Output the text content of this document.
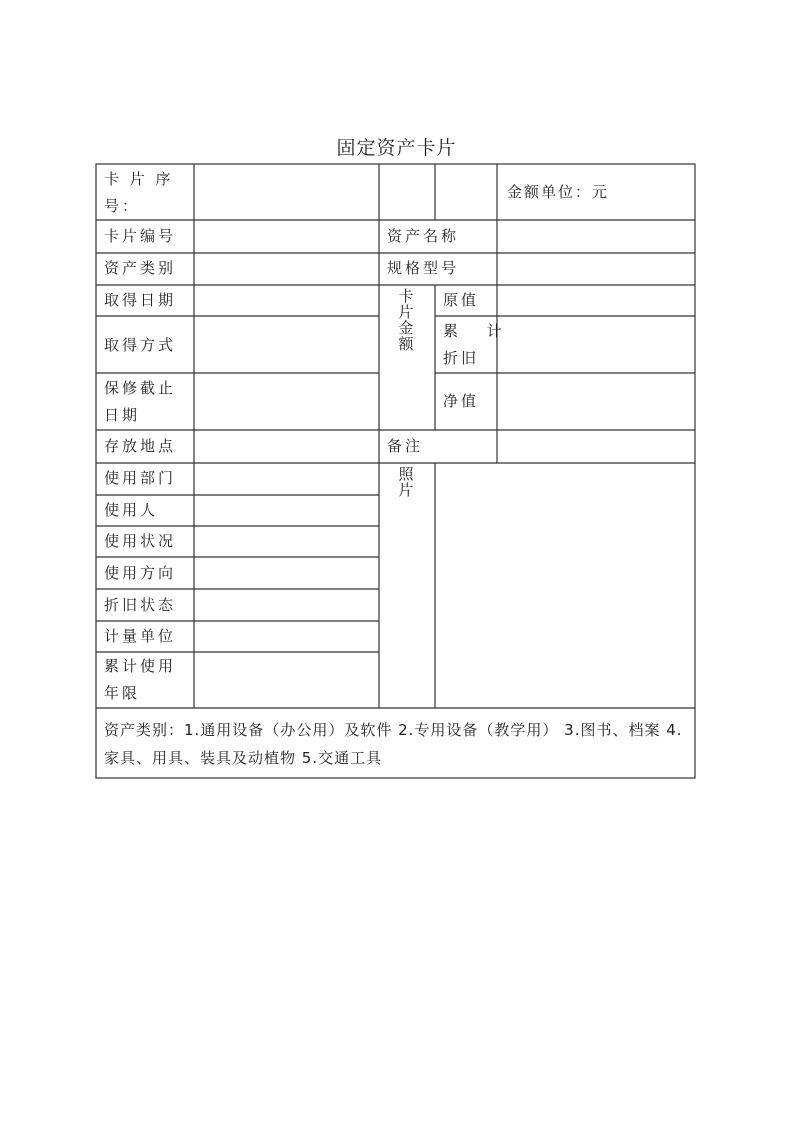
固定资产卡片
卡 片 序
号：
卡片编号
资产类别
取得日期
取得方式
保修截止
日期
存放地点
使用部门
使用人
使用状况
使用方向
折旧状态
计量单位
累计使用
年限
金额单位：元
资产名称
规格型号
卡片金额
原值
累 计
折旧
净值
备注
照片
资产类别：1.通用设备（办公用）及软件 2.专用设备（教学用） 3.图书、档案 4.家具、用具、装具及动植物 5.交通工具
